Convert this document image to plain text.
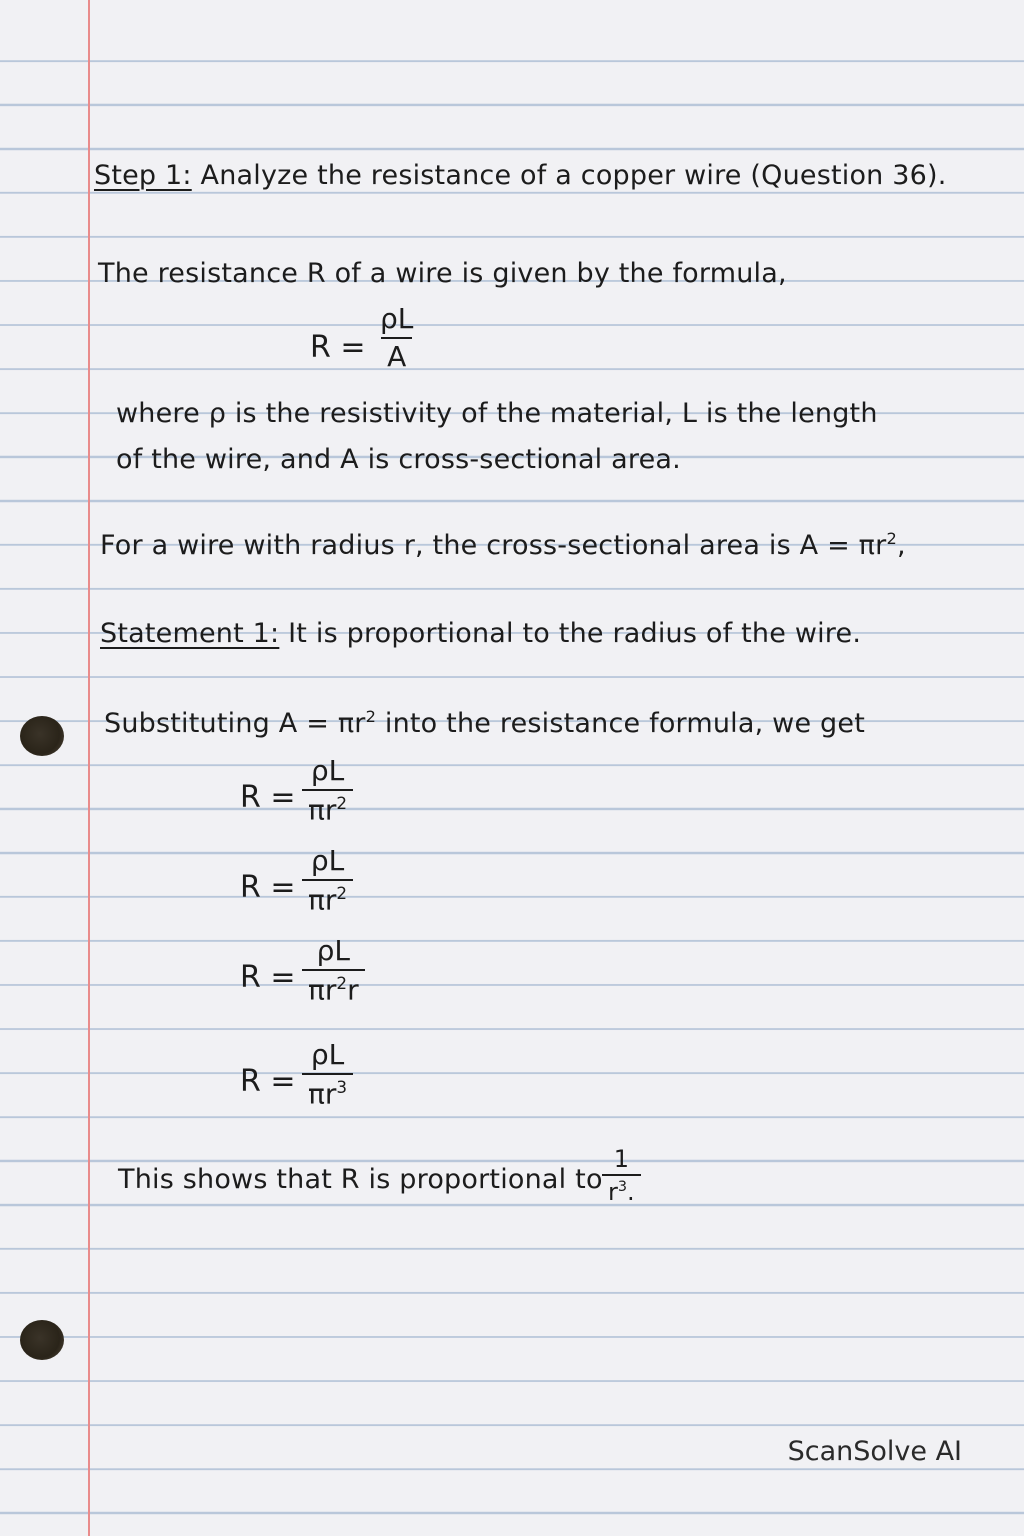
Step 1: Analyze the resistance of a copper wire (Question 36).
The resistance R of a wire is given by the formula,
$R = \frac{\rho L}{A}$
where ρ is the resistivity of the material, L is the length
of the wire, and A is cross-sectional area.
For a wire with radius r, the cross-sectional area is $A = \pi r^2$,
Statement 1: It is proportional to the radius of the wire.
Substituting $A = \pi r^2$ into the resistance formula, we get
$R = \frac{\rho L}{\pi r^2}$
$R = \frac{\rho L}{\pi r^2}$
$R = \frac{\rho L}{\pi r^2r}$
$R = \frac{\rho L}{\pi r^3}$
This shows that R is proportional to $\frac{1}{r^3.}$
ScanSolve AI
